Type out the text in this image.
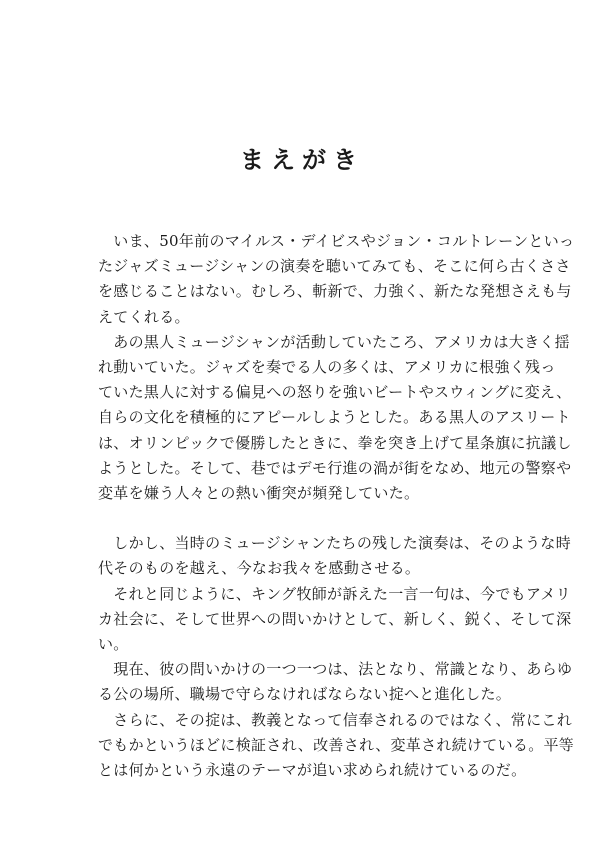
まえがき
　いま、50年前のマイルス・デイビスやジョン・コルトレーンといっ
たジャズミュージシャンの演奏を聴いてみても、そこに何ら古くささ
を感じることはない。むしろ、斬新で、力強く、新たな発想さえも与
えてくれる。
　あの黒人ミュージシャンが活動していたころ、アメリカは大きく揺
れ動いていた。ジャズを奏でる人の多くは、アメリカに根強く残っ
ていた黒人に対する偏見への怒りを強いビートやスウィングに変え、
自らの文化を積極的にアピールしようとした。ある黒人のアスリート
は、オリンピックで優勝したときに、拳を突き上げて星条旗に抗議し
ようとした。そして、巷ではデモ行進の渦が街をなめ、地元の警察や
変革を嫌う人々との熱い衝突が頻発していた。
　しかし、当時のミュージシャンたちの残した演奏は、そのような時
代そのものを越え、今なお我々を感動させる。
　それと同じように、キング牧師が訴えた一言一句は、今でもアメリ
カ社会に、そして世界への問いかけとして、新しく、鋭く、そして深
い。
　現在、彼の問いかけの一つ一つは、法となり、常識となり、あらゆ
る公の場所、職場で守らなければならない掟へと進化した。
　さらに、その掟は、教義となって信奉されるのではなく、常にこれ
でもかというほどに検証され、改善され、変革され続けている。平等
とは何かという永遠のテーマが追い求められ続けているのだ。
